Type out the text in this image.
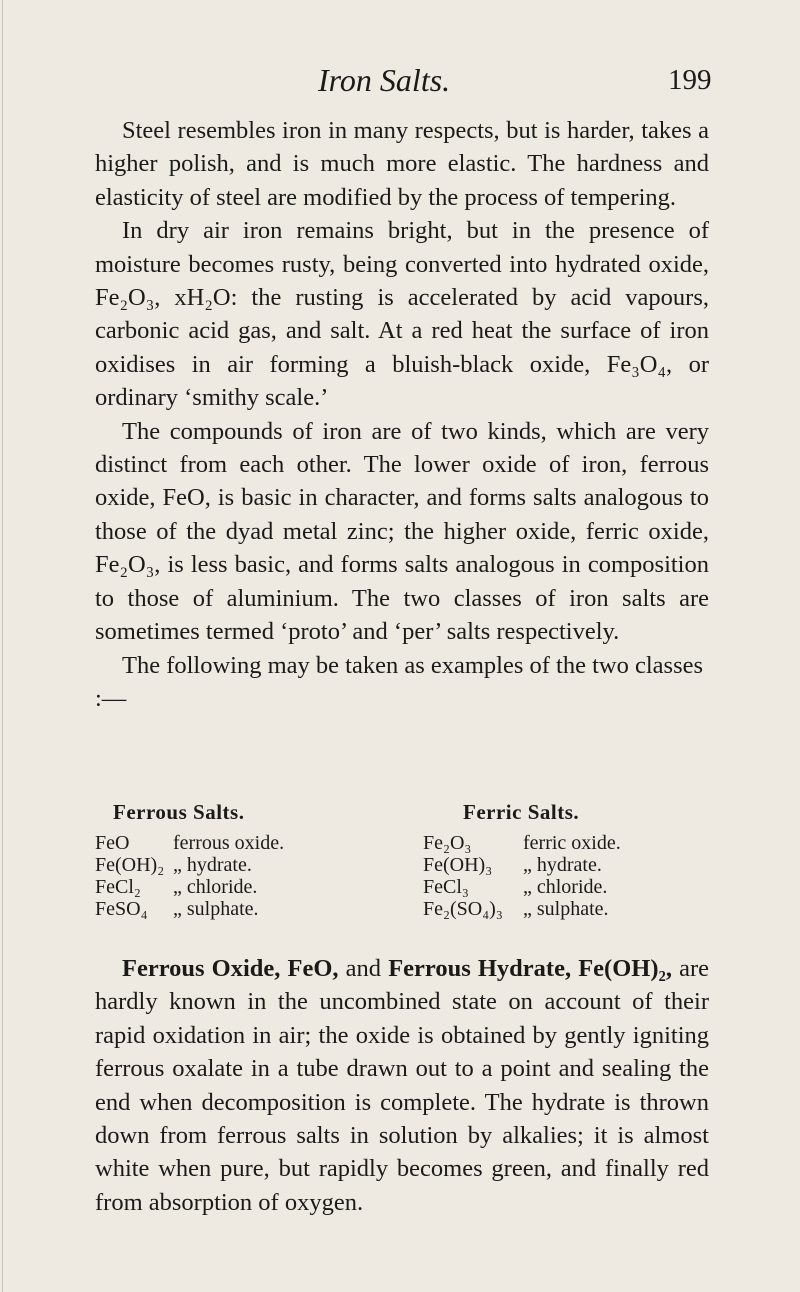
Iron Salts.	199

Steel resembles iron in many respects, but is harder, takes a higher polish, and is much more elastic. The hardness and elasticity of steel are modified by the process of tempering.

In dry air iron remains bright, but in the presence of moisture becomes rusty, being converted into hydrated oxide, Fe₂O₃, xH₂O: the rusting is accelerated by acid vapours, carbonic acid gas, and salt. At a red heat the surface of iron oxidises in air forming a bluish-black oxide, Fe₃O₄, or ordinary ‘smithy scale.’

The compounds of iron are of two kinds, which are very distinct from each other. The lower oxide of iron, ferrous oxide, FeO, is basic in character, and forms salts analogous to those of the dyad metal zinc; the higher oxide, ferric oxide, Fe₂O₃, is less basic, and forms salts analogous in composition to those of aluminium. The two classes of iron salts are sometimes termed ‘proto’ and ‘per’ salts respectively.

The following may be taken as examples of the two classes :—

Ferrous Salts.
FeO ferrous oxide.
Fe(OH)₂ „ hydrate.
FeCl₂ „ chloride.
FeSO₄ „ sulphate.
Ferric Salts.
Fe₂O₃	ferric oxide.
Fe(OH)₃ „ hydrate.
FeCl₃	„ chloride.
Fe₂(SO₄)₃ „ sulphate.

Ferrous Oxide, FeO, and Ferrous Hydrate, Fe(OH)₂, are hardly known in the uncombined state on account of their rapid oxidation in air; the oxide is obtained by gently igniting ferrous oxalate in a tube drawn out to a point and sealing the end when decomposition is complete. The hydrate is thrown down from ferrous salts in solution by alkalies; it is almost white when pure, but rapidly becomes green, and finally red from absorption of oxygen.
